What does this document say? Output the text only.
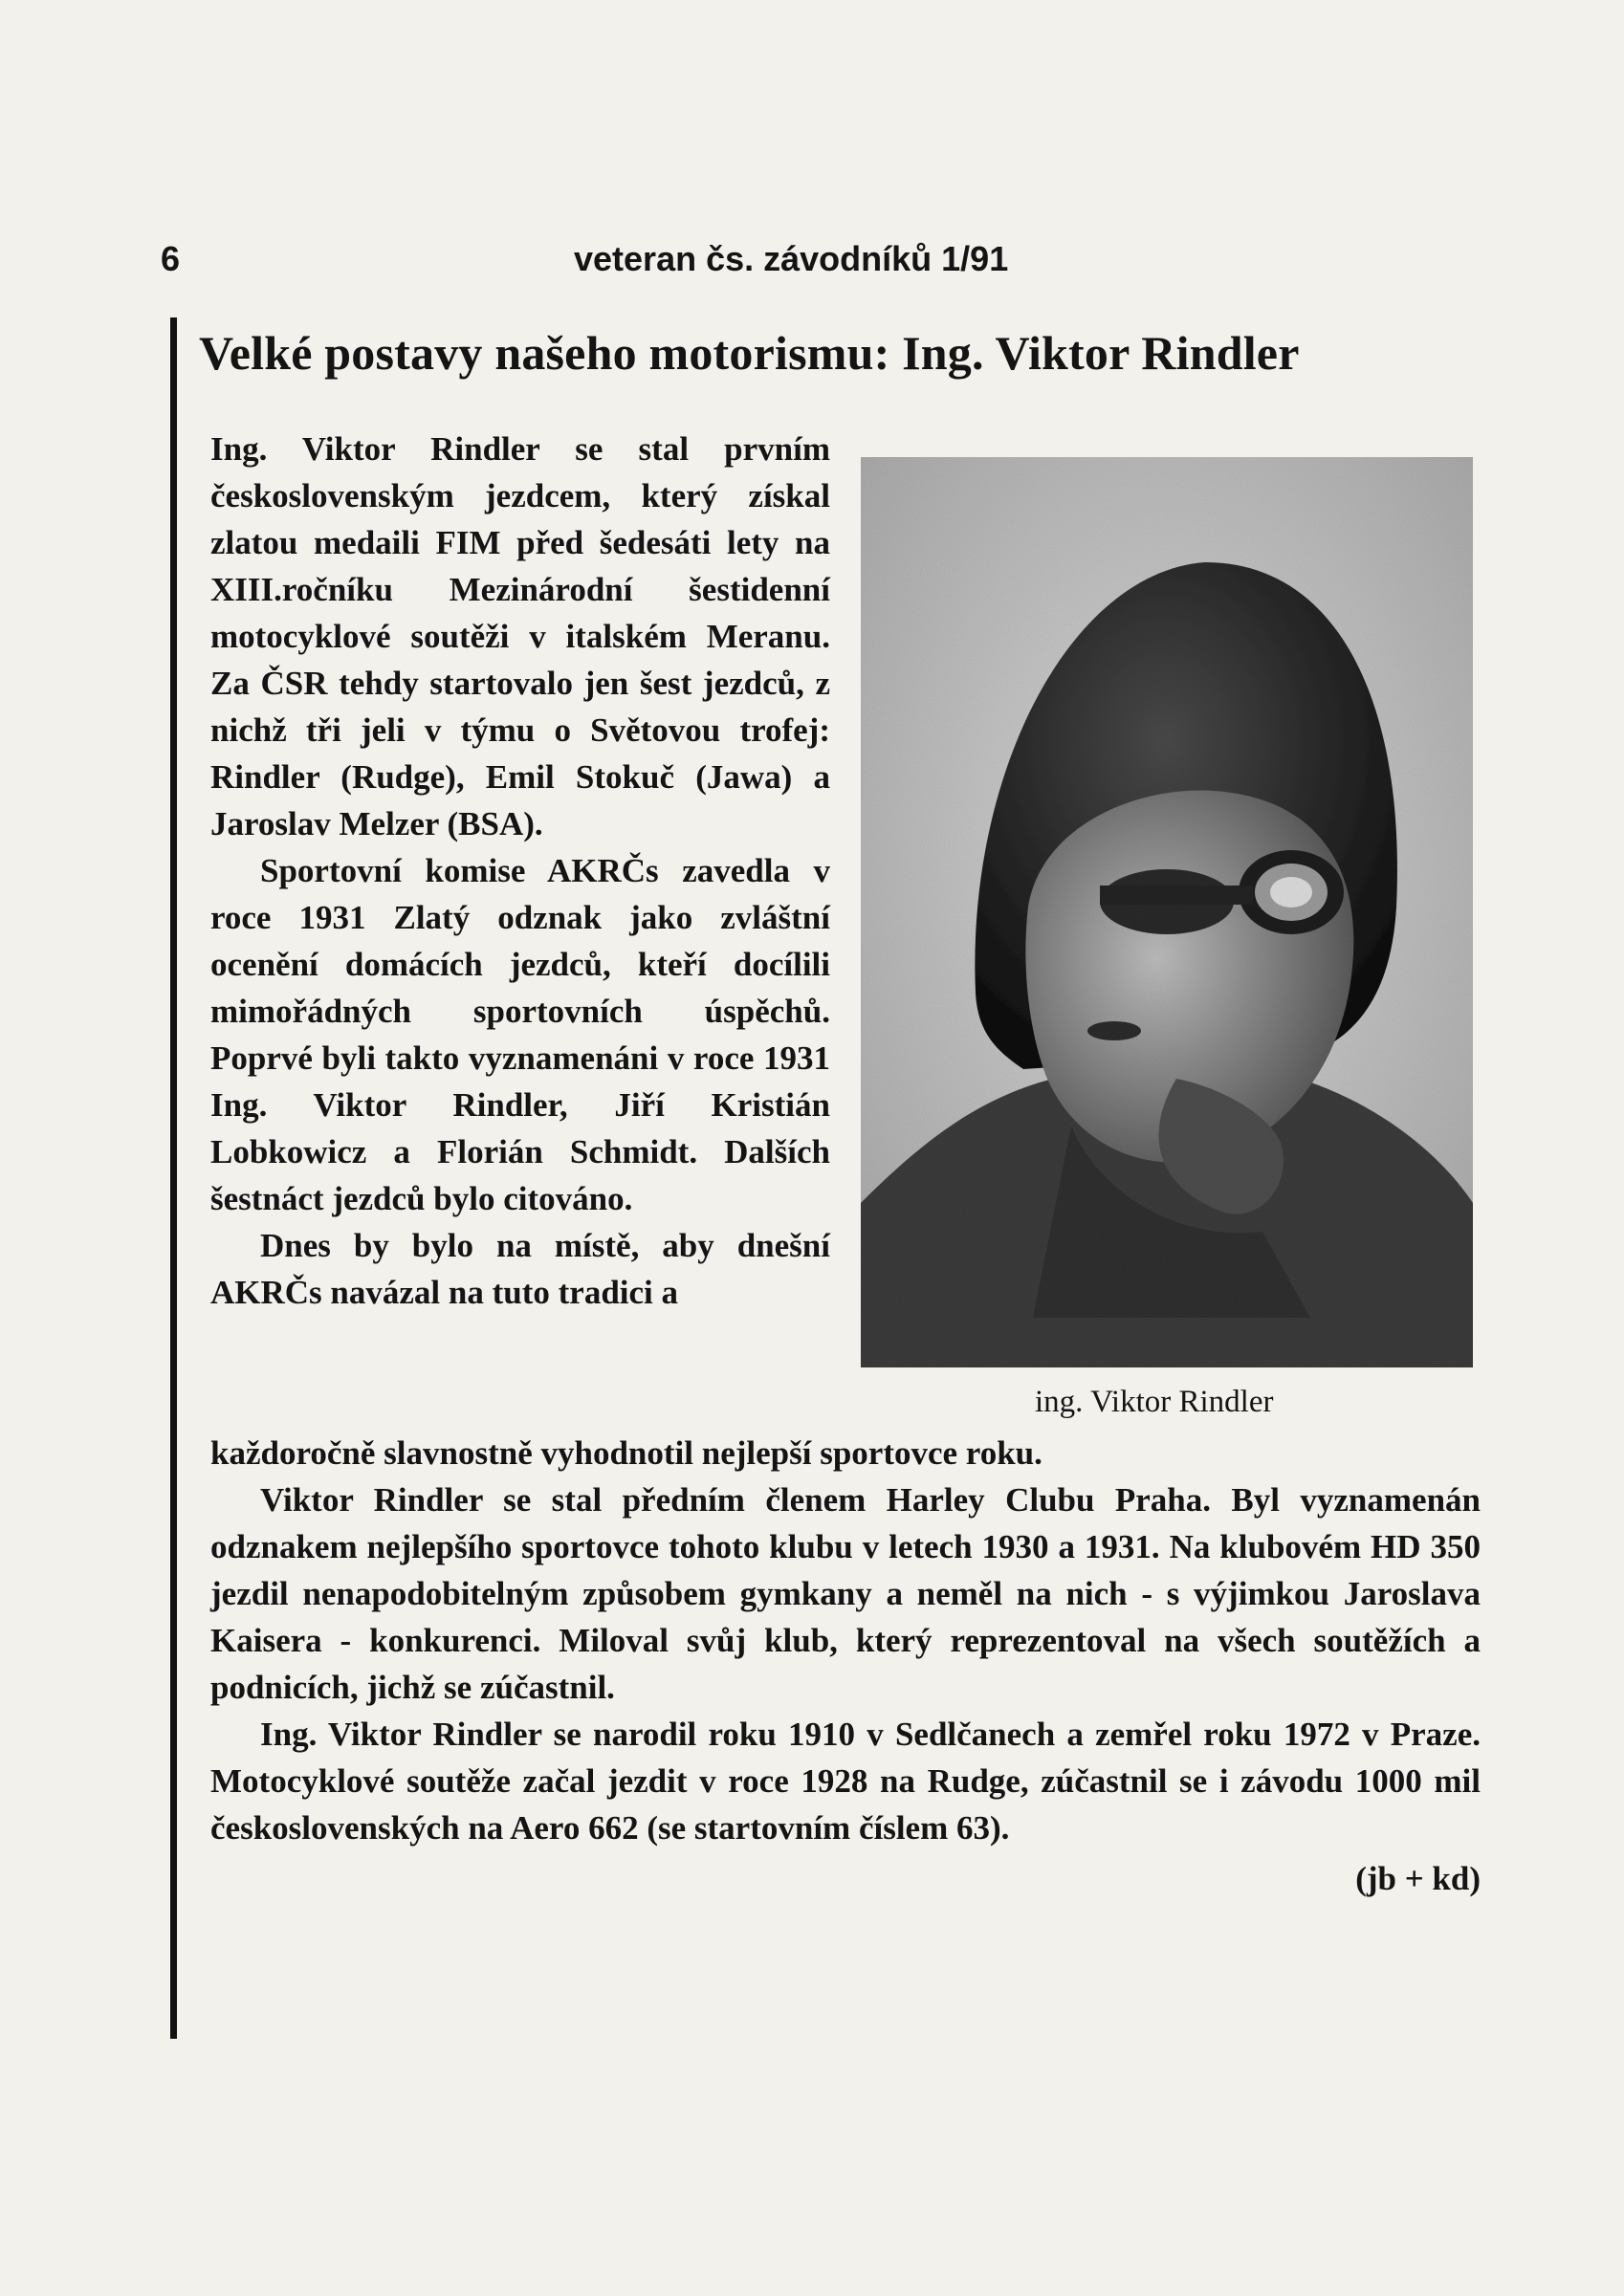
6	veteran čs. závodníků 1/91
Velké postavy našeho motorismu: Ing. Viktor Rindler

Ing. Viktor Rindler se stal prvním československým jezdcem, který získal zlatou medaili FIM před šedesáti lety na XIII.ročníku Mezinárodní šestidenní motocyklové soutěži v italském Meranu. Za ČSR tehdy startovalo jen šest jezdců, z nichž tři jeli v týmu o Světovou trofej: Rindler (Rudge), Emil Stokuč (Jawa) a Jaroslav Melzer (BSA).

Sportovní komise AKRČs zavedla v roce 1931 Zlatý odznak jako zvláštní ocenění domácích jezdců, kteří docílili mimořádných sportovních úspěchů. Poprvé byli takto vyznamenáni v roce 1931 Ing. Viktor Rindler, Jiří Kristián Lobkowicz a Florián Schmidt. Dalších šestnáct jezdců bylo citováno.

Dnes by bylo na místě, aby dnešní AKRČs navázal na tuto tradici a

ing. Viktor Rindler

každoročně slavnostně vyhodnotil nejlepší sportovce roku.

Viktor Rindler se stal předním členem Harley Clubu Praha. Byl vyznamenán odznakem nejlepšího sportovce tohoto klubu v letech 1930 a 1931. Na klubovém HD 350 jezdil nenapodobitelným způsobem gymkany a neměl na nich - s výjimkou Jaroslava Kaisera - konkurenci. Miloval svůj klub, který reprezentoval na všech soutěžích a podnicích, jichž se zúčastnil.

Ing. Viktor Rindler se narodil roku 1910 v Sedlčanech a zemřel roku 1972 v Praze. Motocyklové soutěže začal jezdit v roce 1928 na Rudge, zúčastnil se i závodu 1000 mil československých na Aero 662 (se startovním číslem 63).

(jb + kd)
